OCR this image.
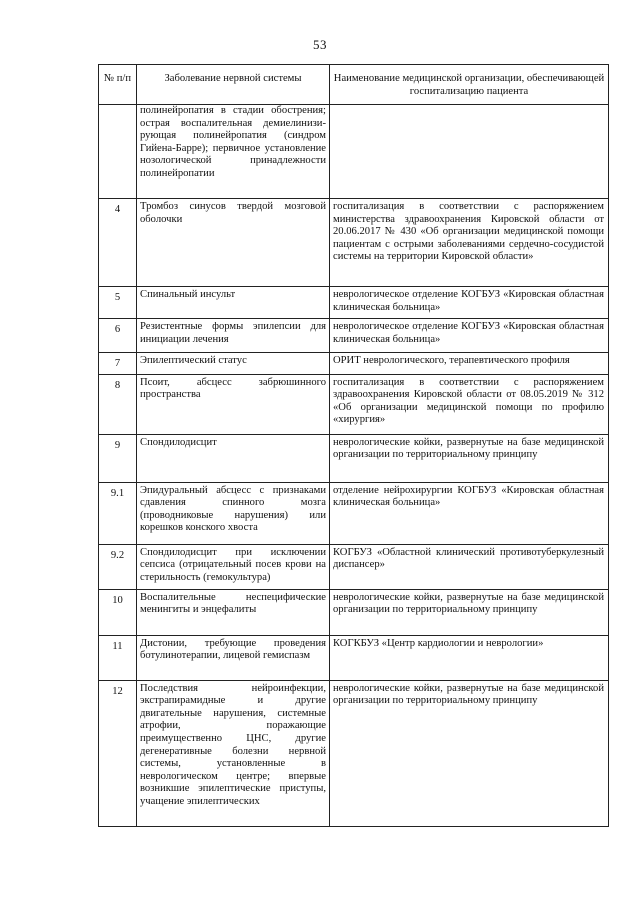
53
№ п/п	Заболевание нервной системы	Наименование медицинской организации, обеспечивающей госпитализацию пациента
	полинейропатия в стадии обострения; острая воспалительная демиелинизи-рующая полинейропатия (синдром Гийена-Барре); первичное установление нозологической принадлежности полинейропатии	
4	Тромбоз синусов твердой мозговой оболочки	госпитализация в соответствии с распоряжением министерства здравоохранения Кировской области от 20.06.2017 № 430 «Об организации медицинской помощи пациентам с острыми заболеваниями сердечно-сосудистой системы на территории Кировской области»
5	Спинальный инсульт	неврологическое отделение КОГБУЗ «Кировская областная клиническая больница»
6	Резистентные формы эпилепсии для инициации лечения	неврологическое отделение КОГБУЗ «Кировская областная клиническая больница»
7	Эпилептический статус	ОРИТ неврологического, терапевтического профиля
8	Псоит, абсцесс забрюшинного пространства	госпитализация в соответствии с распоряжением здравоохранения Кировской области от 08.05.2019 № 312 «Об организации медицинской помощи по профилю «хирургия»
9	Спондилодисцит	неврологические койки, развернутые на базе медицинской организации по территориальному принципу
9.1	Эпидуральный абсцесс с признаками сдавления спинного мозга (проводниковые нарушения) или корешков конского хвоста	отделение нейрохирургии КОГБУЗ «Кировская областная клиническая больница»
9.2	Спондилодисцит при исключении сепсиса (отрицательный посев крови на стерильность (гемокультура)	КОГБУЗ «Областной клинический противотуберкулезный диспансер»
10	Воспалительные неспецифические менингиты и энцефалиты	неврологические койки, развернутые на базе медицинской организации по территориальному принципу
11	Дистонии, требующие проведения ботулинотерапии, лицевой гемиспазм	КОГКБУЗ «Центр кардиологии и неврологии»
12	Последствия нейроинфекции, экстрапирамидные и другие двигательные нарушения, системные атрофии, поражающие преимущественно ЦНС, другие дегенеративные болезни нервной системы, установленные в неврологическом центре; впервые возникшие эпилептические приступы, учащение эпилептических	неврологические койки, развернутые на базе медицинской организации по территориальному принципу
